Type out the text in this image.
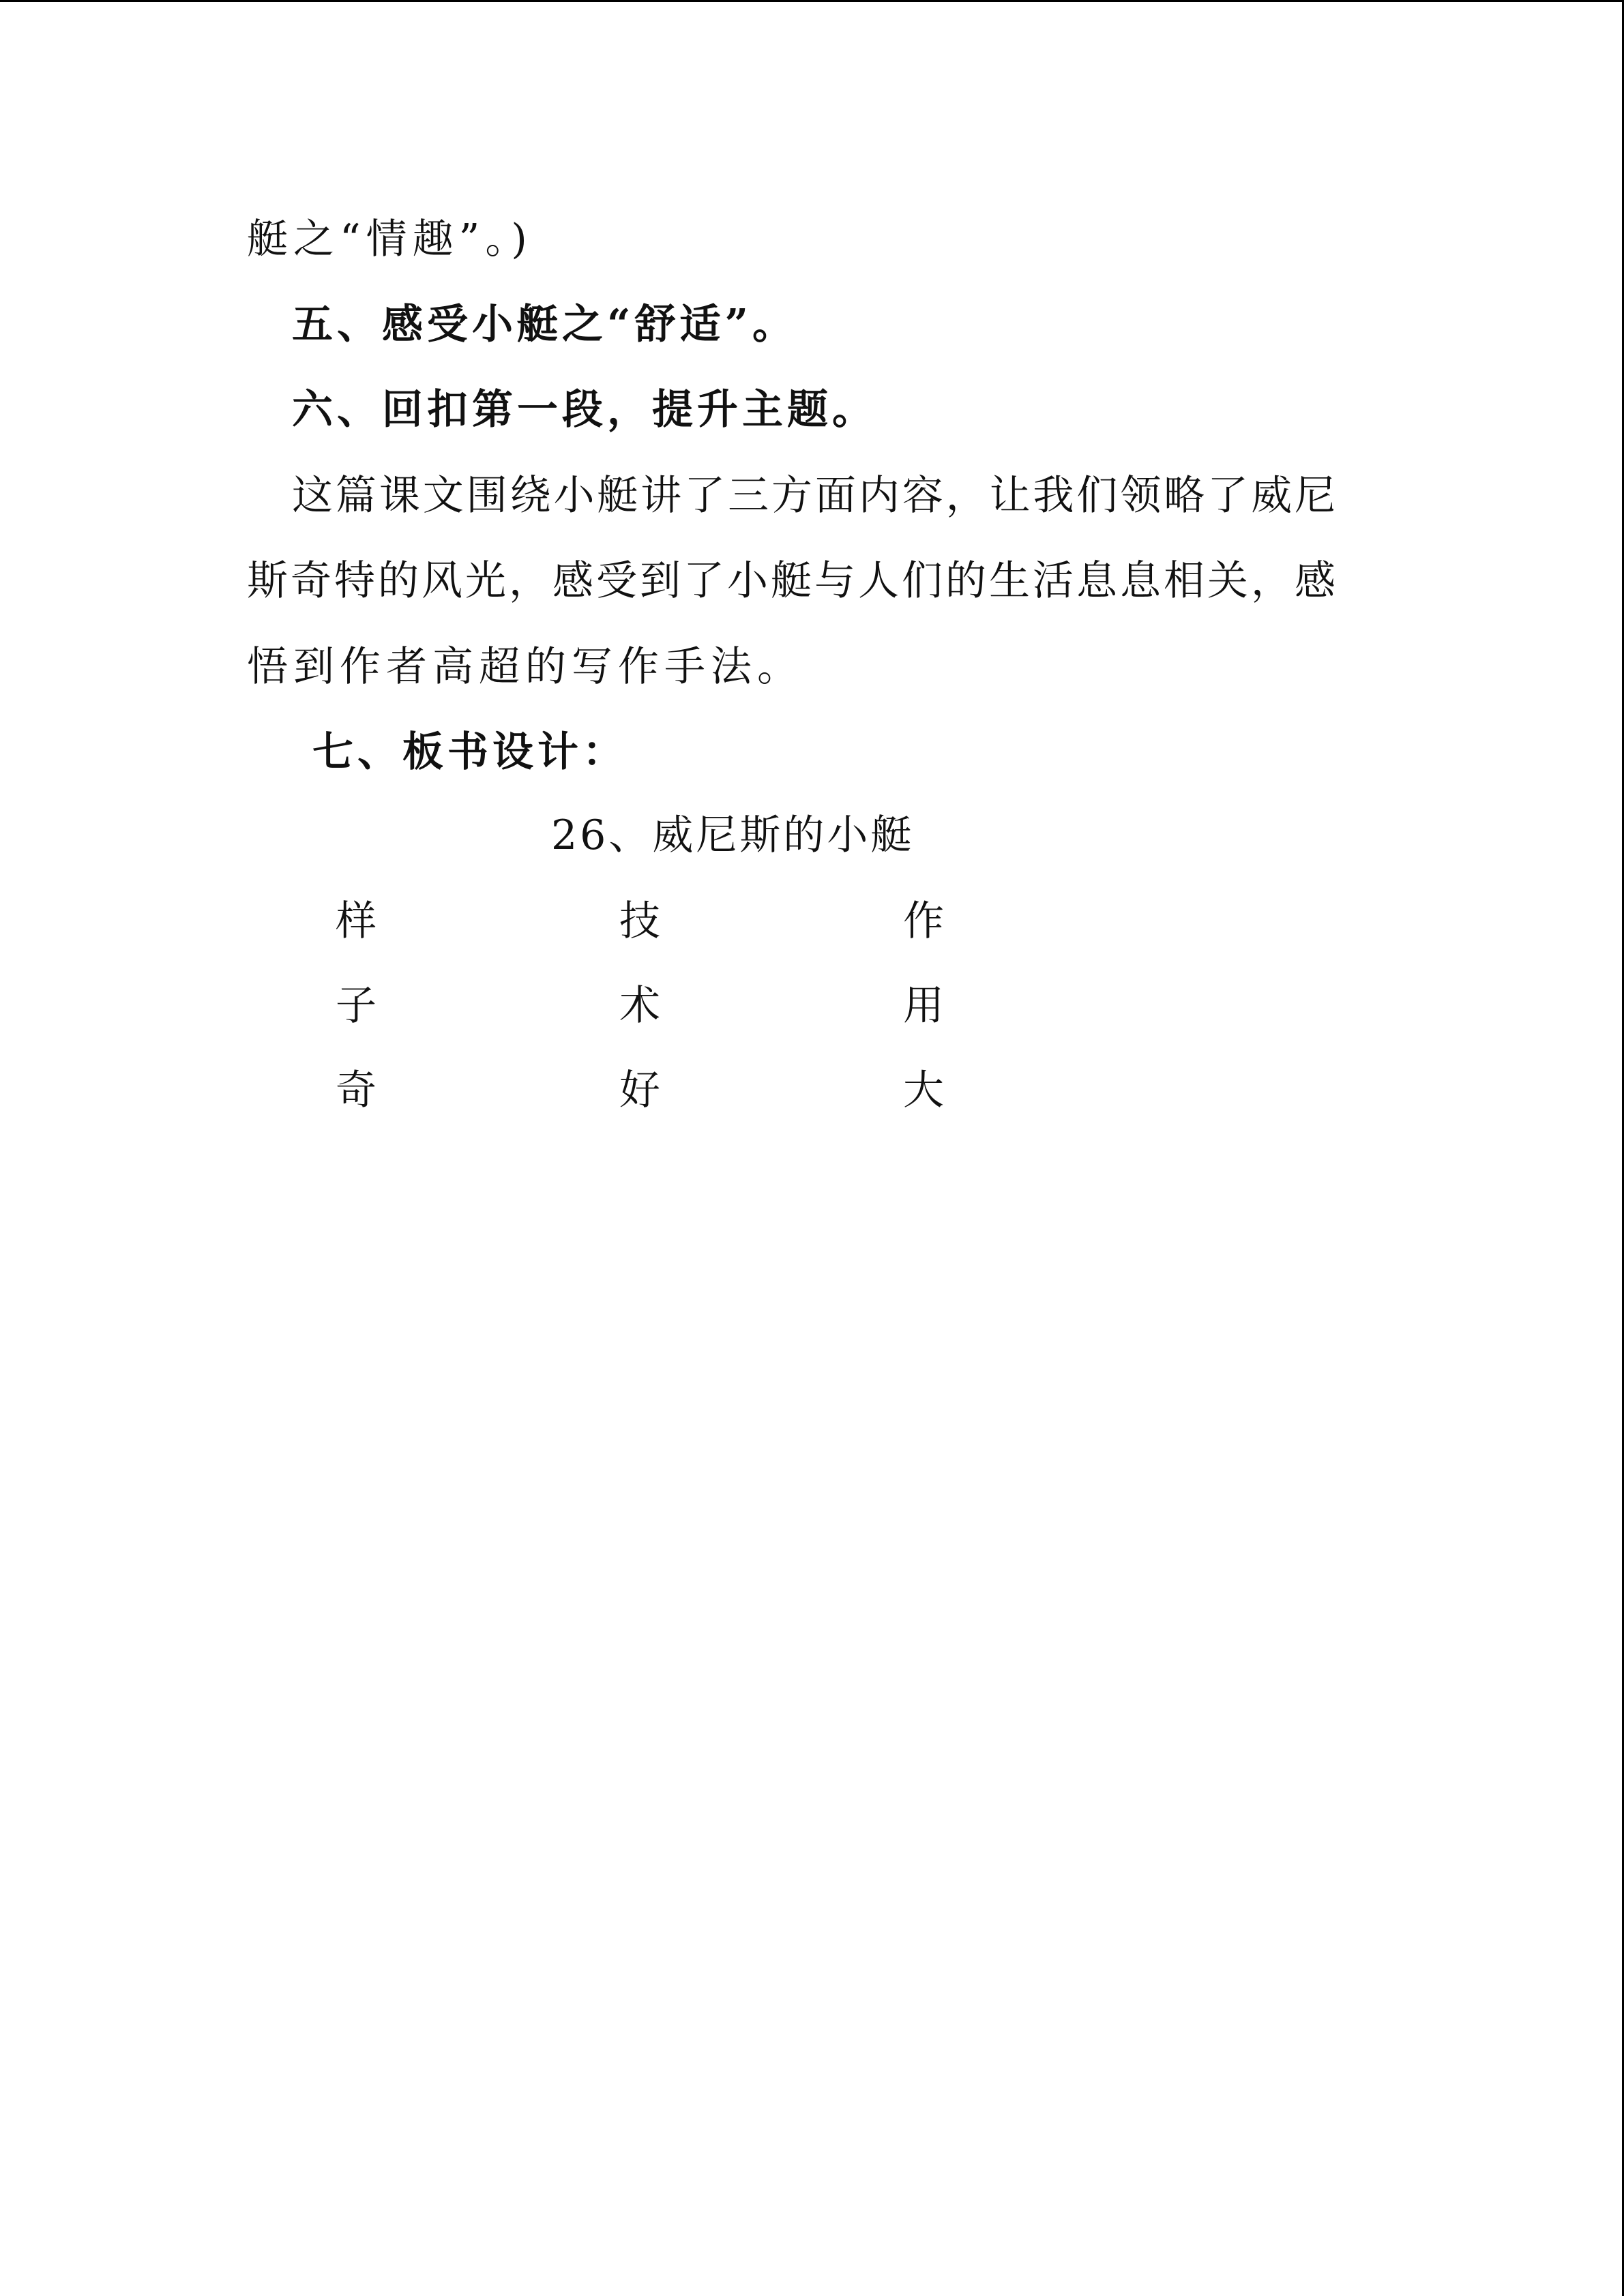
艇之“情趣”。)
五、感受小艇之“舒适”。
六、回扣第一段，提升主题。
这篇课文围绕小艇讲了三方面内容，让我们领略了威尼
斯奇特的风光，感受到了小艇与人们的生活息息相关，感
悟到作者高超的写作手法。
七、板书设计：
26、威尼斯的小艇
样
子
奇
技
术
好
作
用
大
